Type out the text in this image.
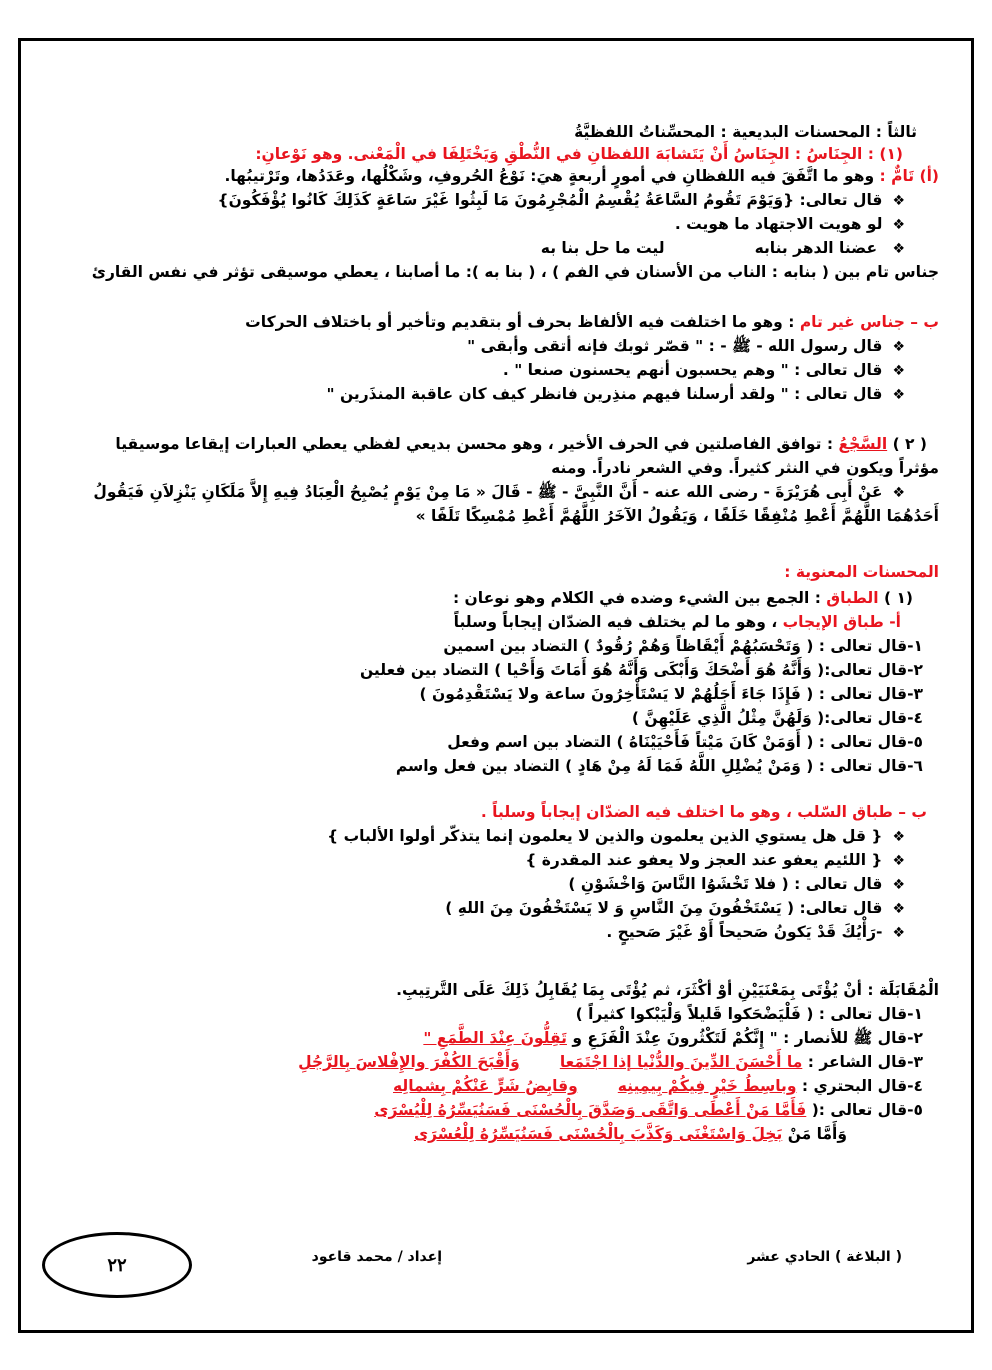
ثالثاً : المحسنات البديعية : المحسِّناتُ اللفظيَّةُ
(١) : الجِنَاسُ : الجِنَاسُ أَنْ يَتَشابَهَ اللفظانِ في النُّطْقِ وَيَخْتَلِفَا في الْمَعْنى. وهو نَوْعانِ:
(أ) تَامٌّ : وهو ما اتَّفَقَ فيه اللفظانِ في أمورٍ أربعةٍ هيَ: نَوْعُ الحُروفِ، وشَكْلُها، وعَدَدُها، وتَرْتيبُها.
❖ قال تعالى: {وَيَوْمَ تَقُومُ السَّاعَةُ يُقْسِمُ الْمُجْرِمُونَ مَا لَبِثُوا غَيْرَ سَاعَةٍ كَذَلِكَ كَانُوا يُؤْفَكُونَ}
❖ لو هويت الاجتهاد ما هويت .
❖ عضنا الدهر بنابهليت ما حل بنا به
جناس تام بين ( بنابه : الناب من الأسنان في الفم ) ، ( بنا به ): ما أصابنا ، يعطي موسيقى تؤثر في نفس القارئ
ب – جناس غير تام : وهو ما اختلفت فيه الألفاظ بحرف أو بتقديم وتأخير أو باختلاف الحركات
❖ قال رسول الله - ﷺ - : " قصّر ثوبك فإنه أتقى وأبقى "
❖ قال تعالى : " وهم يحسبون أنهم يحسنون صنعا " .
❖ قال تعالى : " ولقد أرسلنا فيهم منذِرين فانظر كيف كان عاقبة المنذَرين "
( ٢ ) السَّجْعُ : توافق الفاصلتين في الحرف الأخير ، وهو محسن بديعي لفظي يعطي العبارات إيقاعا موسيقيا
مؤثراً ويكون في النثر كثيراً. وفي الشعر نادراً. ومنه
❖ عَنْ أَبِى هُرَيْرَةَ - رضى الله عنه - أَنَّ النَّبِىَّ - ﷺ - قَالَ « مَا مِنْ يَوْمٍ يُصْبِحُ الْعِبَادُ فِيهِ إِلاَّ مَلَكَانِ يَنْزِلاَنِ فَيَقُولُ
أَحَدُهُمَا اللَّهُمَّ أَعْطِ مُنْفِقًا خَلَفًا ، وَيَقُولُ الآخَرُ اللَّهُمَّ أَعْطِ مُمْسِكًا تَلَفًا »
المحسنات المعنوية :
(١ ) الطباق : الجمع بين الشيء وضده في الكلام وهو نوعان :
أ- طباق الإيجاب ، وهو ما لم يختلف فيه الضدّان إيجاباً وسلباً
١-قال تعالى : ( وَتَحْسَبُهُمْ أَيْقَاظاً وَهُمْ رُقُودٌ ) التضاد بين اسمين
٢-قال تعالى:( وَأَنَّهُ هُوَ أَضْحَكَ وَأَبْكَى وَأَنَّهُ هُوَ أَمَاتَ وَأَحْيا ) التضاد بين فعلين
٣-قال تعالى : ( فَإِذَا جَاءَ أَجَلُهُمْ لا يَسْتَأْخِرُونَ ساعة ولا يَسْتَقْدِمُونَ )
٤-قال تعالى:( وَلَهُنَّ مِثْلُ الَّذِي عَلَيْهِنَّ )
٥-قال تعالى : ( أَوَمَنْ كَانَ مَيْتاً فَأَحْيَيْنَاهُ ) التضاد بين اسم وفعل
٦-قال تعالى : ( وَمَنْ يُضْلِلِ اللَّهُ فَمَا لَهُ مِنْ هَادٍ ) التضاد بين فعل واسم
ب – طباق السّلب ، وهو ما اختلف فيه الضدّان إيجاباً وسلباً .
❖ { قل هل يستوي الذين يعلمون والذين لا يعلمون إنما يتذكّر أولوا الألباب }
❖ { اللئيم يعفو عند العجز ولا يعفو عند المقدرة }
❖ قال تعالى : ( فلا تَخْشَوُا النَّاسَ وَاخْشَوْنِ )
❖ قال تعالى: ( يَسْتَخْفُونَ مِنَ النَّاسِ وَ لا يَسْتَخْفُونَ مِنَ اللهِ )
❖ -رَأْيُكَ قَدْ يَكونُ صَحيحاً أَوْ غَيْرَ صَحيحٍ .
الْمُقَابَلَة : أنْ يُؤْتَى بِمَعْنَيَيْنِ أوْ أكْثَرَ، ثم يُؤْتَى بِمَا يُقَابِلُ ذَلِكَ عَلَى التَّرتِيبِ.
١-قال تعالى : ( فَلْيَضْحَكوا قَليلاً وَلْيَبْكوا كثيراً )
٢-قال ﷺ للأنصار : " إِنَّكُمْ لَتَكْثُرونَ عِنْدَ الْفَزَعِ و تَقِلُّونَ عِنْدَ الطَّمَعِ "
٣-قال الشاعر : ما أَحْسَنَ الدِّينَ والدُّنْيا إذا اجْتَمَعاوَأَقْبَحَ الكُفْرَ والإِفْلاسَ بِالرَّجُلِ
٤-قال البحتري : وباسِطُ خَيْرٍ فِيكُمْ بِيمِينِهوقابِضُ شَرٍّ عَنْكُمْ بِشمالِه
٥-قال تعالى :( فَأَمَّا مَنْ أَعْطَى وَاتَّقَى وَصَدَّقَ بِالْحُسْنَى فَسَنُيَسِّرُهُ لِلْيُسْرَى
وَأَمَّا مَنْ بَخِلَ وَاسْتَغْنَى وَكَذَّبَ بِالْحُسْنَى فَسَنُيَسِّرُهُ لِلْعُسْرَى
( البلاغة ) الحادي عشر
إعداد / محمد قاعود
٢٢
